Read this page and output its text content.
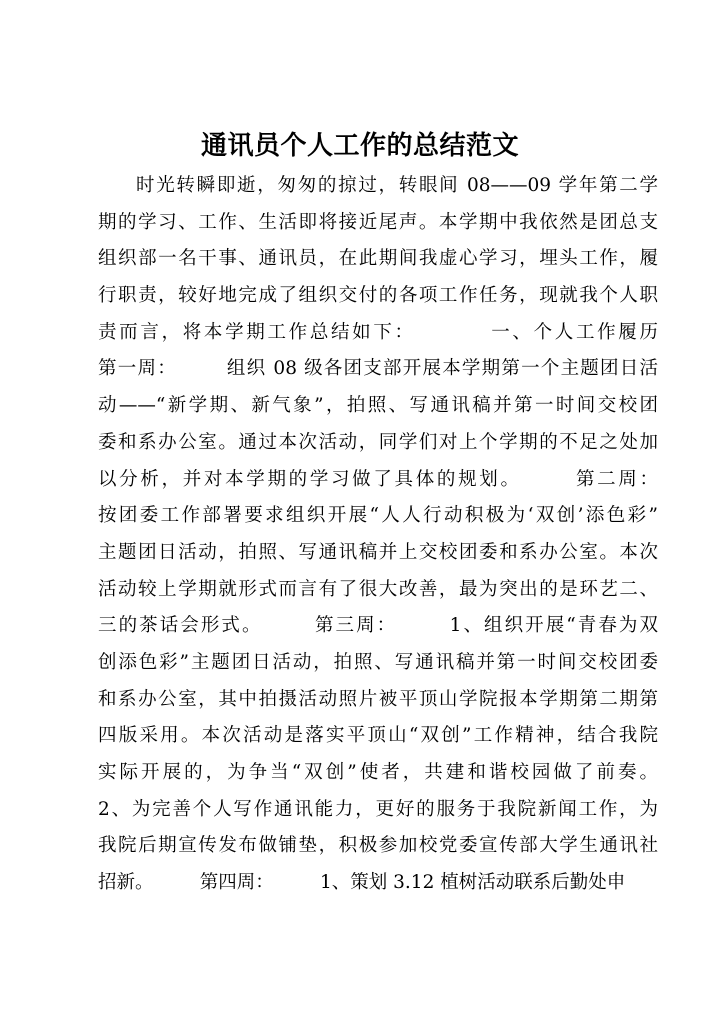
通讯员个人工作的总结范文
时光转瞬即逝，匆匆的掠过，转眼间 08——09 学年第二学
期的学习、工作、生活即将接近尾声。本学期中我依然是团总支
组织部一名干事、通讯员，在此期间我虚心学习，埋头工作，履
行职责，较好地完成了组织交付的各项工作任务，现就我个人职
责而言，将本学期工作总结如下：　　　　一、个人工作履历
第一周：　　　组织 08 级各团支部开展本学期第一个主题团日活
动——“新学期、新气象”，拍照、写通讯稿并第一时间交校团
委和系办公室。通过本次活动，同学们对上个学期的不足之处加
以分析，并对本学期的学习做了具体的规划。　　　第二周：
按团委工作部署要求组织开展“人人行动积极为‘双创’添色彩”
主题团日活动，拍照、写通讯稿并上交校团委和系办公室。本次
活动较上学期就形式而言有了很大改善，最为突出的是环艺二、
三的茶话会形式。　　　第三周：　　　1、组织开展“青春为双
创添色彩”主题团日活动，拍照、写通讯稿并第一时间交校团委
和系办公室，其中拍摄活动照片被平顶山学院报本学期第二期第
四版采用。本次活动是落实平顶山“双创”工作精神，结合我院
实际开展的，为争当“双创”使者，共建和谐校园做了前奏。
2、为完善个人写作通讯能力，更好的服务于我院新闻工作，为
我院后期宣传发布做铺垫，积极参加校党委宣传部大学生通讯社
招新。　　　第四周：　　　1、策划 3.12 植树活动联系后勤处申
